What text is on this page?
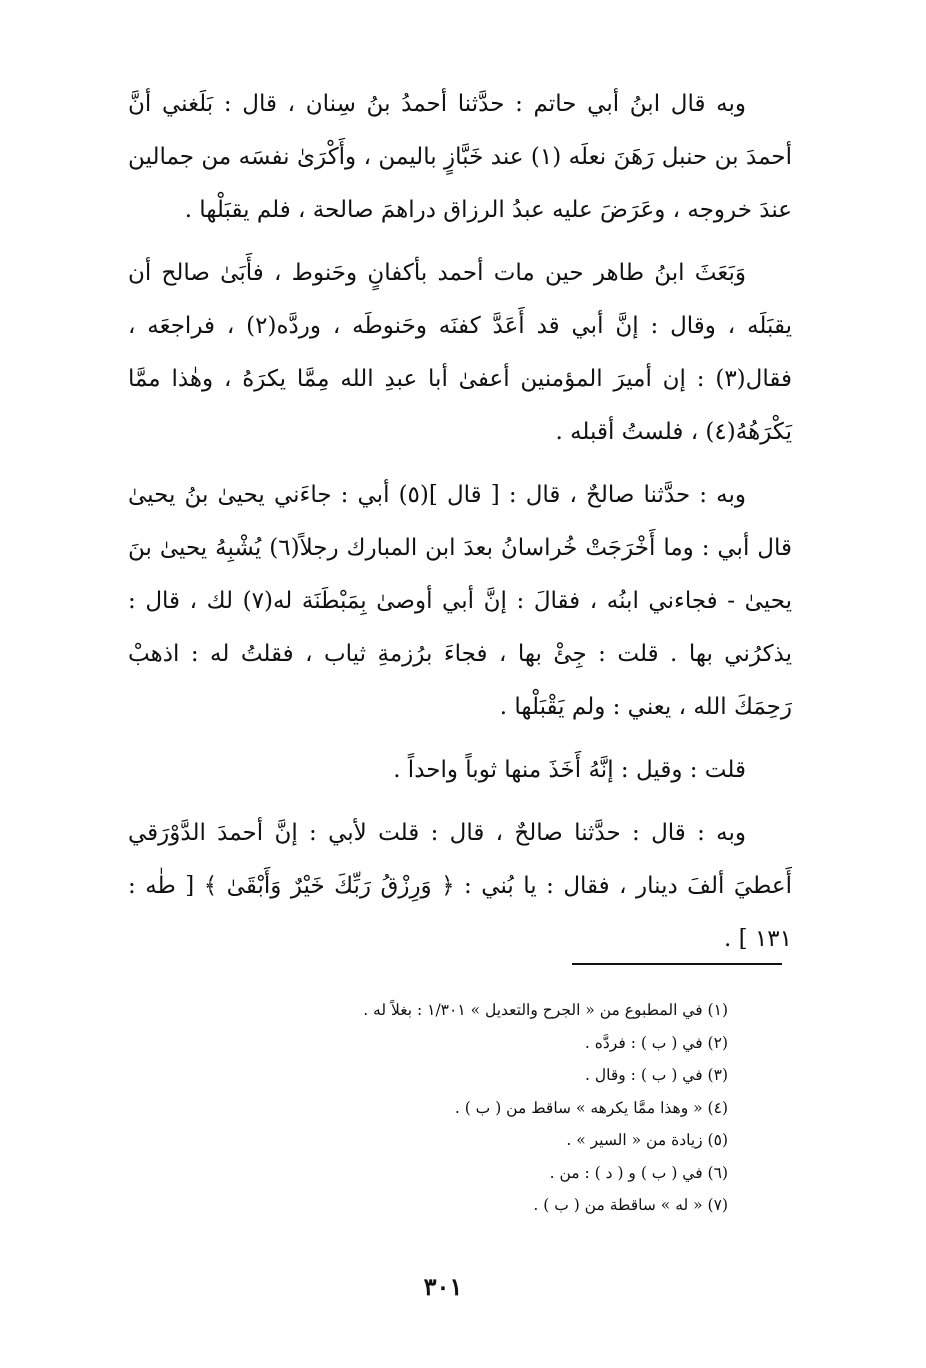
وبه قال ابنُ أبي حاتم : حدَّثنا أحمدُ بنُ سِنان ، قال : بَلَغني أنَّ أحمدَ بن حنبل رَهَنَ نعلَه (١) عند خَبَّازٍ باليمن ، وأَكْرَىٰ نفسَه من جمالين عندَ خروجه ، وعَرَضَ عليه عبدُ الرزاق دراهمَ صالحة ، فلم يقبَلْها .

وَبَعَثَ ابنُ طاهر حين مات أحمد بأكفانٍ وحَنوط ، فأَبَىٰ صالح أن يقبَلَه ، وقال : إنَّ أبي قد أَعَدَّ كفنَه وحَنوطَه ، وردَّه(٢) ، فراجعَه ، فقال(٣) : إن أميرَ المؤمنين أعفىٰ أبا عبدِ الله مِمَّا يكرَهُ ، وهٰذا ممَّا يَكْرَهُهُ(٤) ، فلستُ أقبله .

وبه : حدَّثنا صالحٌ ، قال : [ قال ](٥) أبي : جاءَني يحيىٰ بنُ يحيىٰ قال أبي : وما أَخْرَجَتْ خُراسانُ بعدَ ابن المبارك رجلاً(٦) يُشْبِهُ يحيىٰ بنَ يحيىٰ - فجاءني ابنُه ، فقالَ : إنَّ أبي أوصىٰ بِمَبْطَنَة له(٧) لك ، قال : يذكرُني بها . قلت : جِئْ بها ، فجاءَ برُزمةِ ثياب ، فقلتُ له : اذهبْ رَحِمَكَ الله ، يعني : ولم يَقْبَلْها .

قلت : وقيل : إنَّهُ أَخَذَ منها ثوباً واحداً .

وبه : قال : حدَّثنا صالحٌ ، قال : قلت لأبي : إنَّ أحمدَ الدَّوْرَقي أَعطيَ ألفَ دينار ، فقال : يا بُني : ﴿ وَرِزْقُ رَبِّكَ خَيْرٌ وَأَبْقَىٰ ﴾ [ طٰه : ١٣١ ] .

(١) في المطبوع من « الجرح والتعديل » ١/٣٠١ : بغلاً له .
(٢) في ( ب ) : فردَّه .
(٣) في ( ب ) : وقال .
(٤) « وهذا ممَّا يكرهه » ساقط من ( ب ) .
(٥) زيادة من « السير » .
(٦) في ( ب ) و ( د ) : من .
(٧) « له » ساقطة من ( ب ) .
٣٠١
